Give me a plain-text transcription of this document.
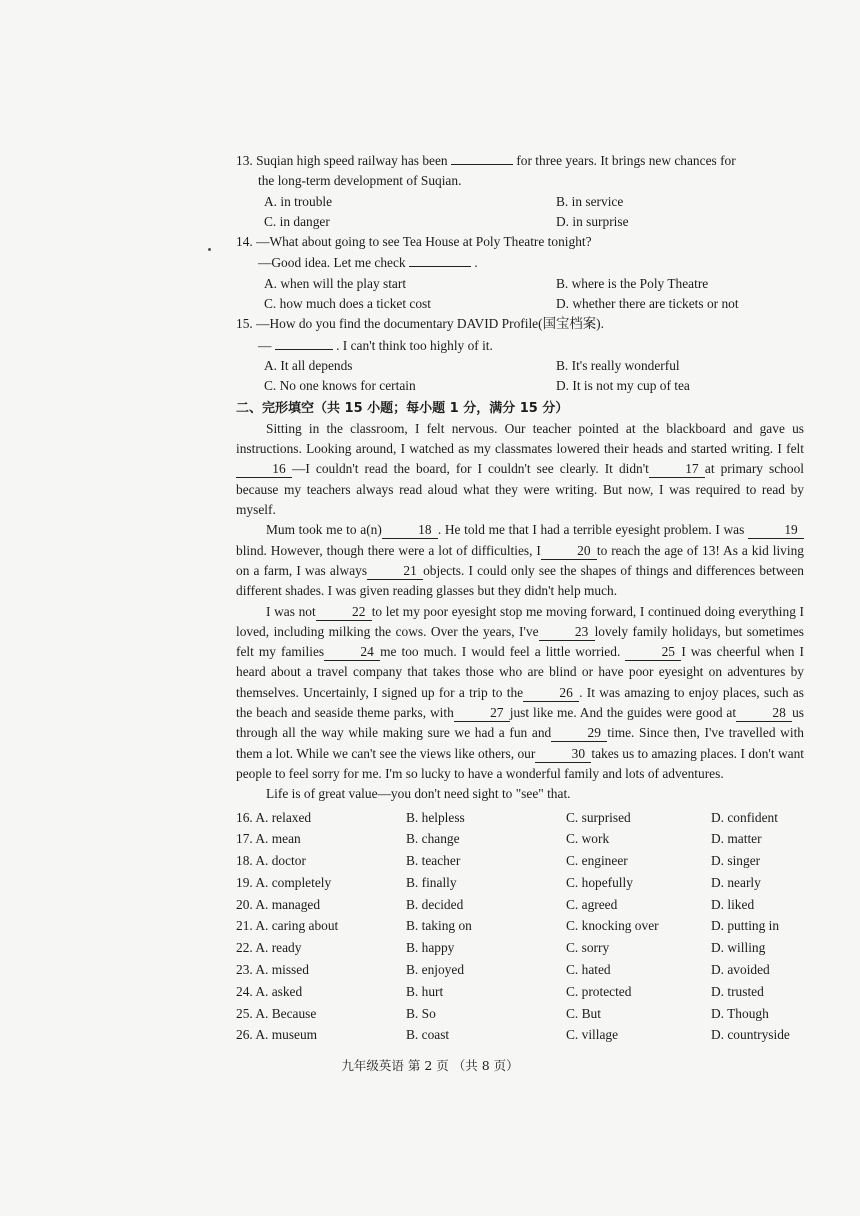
13. Suqian high speed railway has been	for three years. It brings new chances for

the long-term development of Suqian.

A. in trouble	B. in service
C. in danger	D. in surprise

14. —What about going to see Tea House at Poly Theatre tonight?

—Good idea. Let me check	.

A. when will the play start	B. where is the Poly Theatre
C. how much does a ticket cost	D. whether there are tickets or not

15. —How do you find the documentary DAVID Profile(国宝档案).

—	. I can't think too highly of it.

A. It all depends	B. It's really wonderful
C. No one knows for certain	D. It is not my cup of tea

二、完形填空（共 15 小题；每小题 1 分，满分 15 分）

Sitting in the classroom, I felt nervous. Our teacher pointed at the blackboard and gave us instructions. Looking around, I watched as my classmates lowered their heads and started writing. I felt 16 —I couldn't read the board, for I couldn't see clearly. It didn't	17 at primary school because my teachers always read aloud what they were writing. But now, I was required to read by myself.

Mum took me to a(n)	18 . He told me that I had a terrible eyesight problem. I was	19blind. However, though there were a lot of difficulties, I	20 to reach the age of 13! As a kid living on a farm, I was always	21 objects. I could only see the shapes of things and differences between different shades. I was given reading glasses but they didn't help much.

I was not	22 to let my poor eyesight stop me moving forward, I continued doing everything I loved, including milking the cows. Over the years, I've	23 lovely family holidays, but sometimes felt my families	24 me too much. I would feel a little worried.	25 I was cheerful when I heard about a travel company that takes those who are blind or have poor eyesight on adventures by themselves. Uncertainly, I signed up for a trip to the	26 . It was amazing to enjoy places, such as the beach and seaside theme parks, with	27 just like me. And the guides were good at	28 us through all the way while making sure we had a fun and	29 time. Since then, I've travelled with them a lot. While we can't see the views like others, our	30 takes us to amazing places. I don't want people to feel sorry for me. I'm so lucky to have a wonderful family and lots of adventures.

Life is of great value—you don't need sight to "see" that.

16. A. relaxed	B. helpless	C. surprised	D. confident
17. A. mean	B. change	C. work	D. matter
18. A. doctor	B. teacher	C. engineer	D. singer
19. A. completely	B. finally	C. hopefully	D. nearly
20. A. managed	B. decided	C. agreed	D. liked
21. A. caring about	B. taking on	C. knocking over	D. putting in
22. A. ready	B. happy	C. sorry	D. willing
23. A. missed	B. enjoyed	C. hated	D. avoided
24. A. asked	B. hurt	C. protected	D. trusted
25. A. Because	B. So	C. But	D. Though
26. A. museum	B. coast	C. village	D. countryside
九年级英语 第 2 页 （共 8 页）
